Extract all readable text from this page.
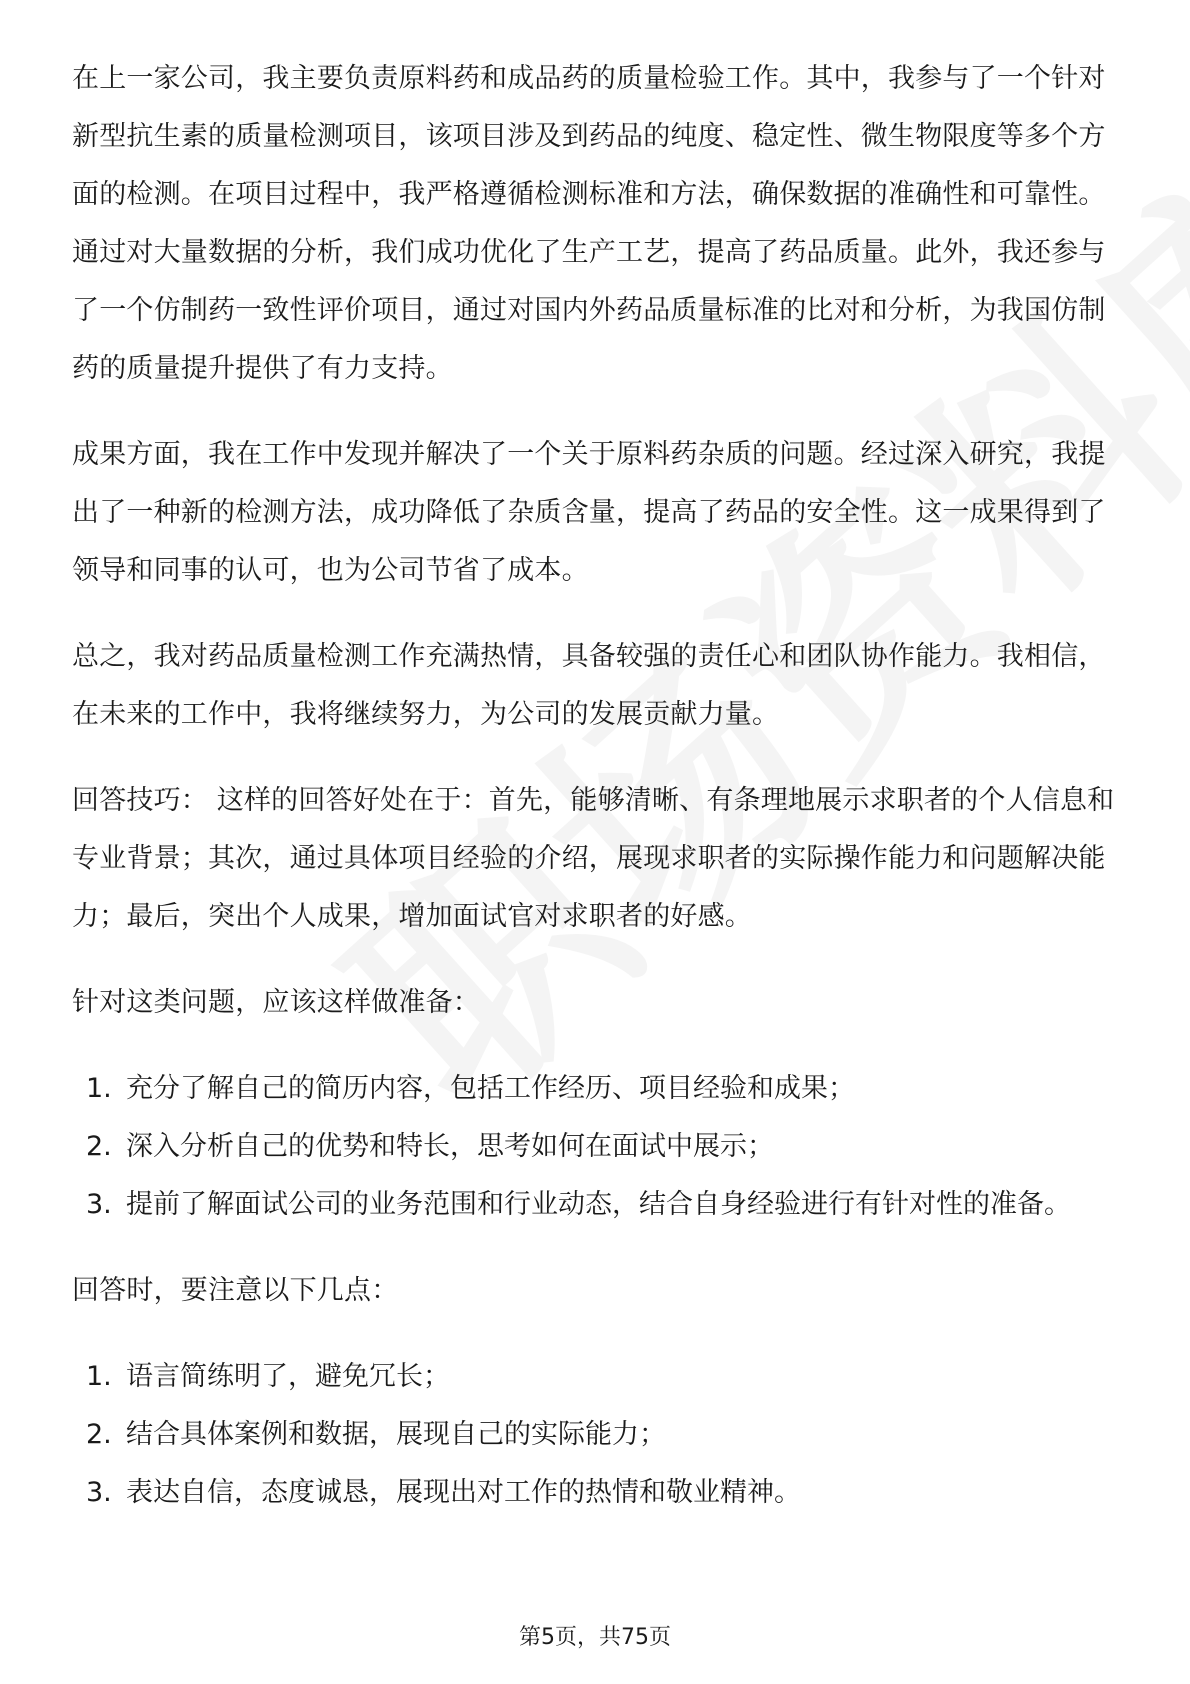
在上一家公司，我主要负责原料药和成品药的质量检验工作。其中，我参与了一个针对新型抗生素的质量检测项目，该项目涉及到药品的纯度、稳定性、微生物限度等多个方面的检测。在项目过程中，我严格遵循检测标准和方法，确保数据的准确性和可靠性。通过对大量数据的分析，我们成功优化了生产工艺，提高了药品质量。此外，我还参与了一个仿制药一致性评价项目，通过对国内外药品质量标准的比对和分析，为我国仿制药的质量提升提供了有力支持。

成果方面，我在工作中发现并解决了一个关于原料药杂质的问题。经过深入研究，我提出了一种新的检测方法，成功降低了杂质含量，提高了药品的安全性。这一成果得到了领导和同事的认可，也为公司节省了成本。

总之，我对药品质量检测工作充满热情，具备较强的责任心和团队协作能力。我相信，在未来的工作中，我将继续努力，为公司的发展贡献力量。

回答技巧： 这样的回答好处在于：首先，能够清晰、有条理地展示求职者的个人信息和专业背景；其次，通过具体项目经验的介绍，展现求职者的实际操作能力和问题解决能力；最后，突出个人成果，增加面试官对求职者的好感。

针对这类问题，应该这样做准备：

1. 充分了解自己的简历内容，包括工作经历、项目经验和成果；
2. 深入分析自己的优势和特长，思考如何在面试中展示；
3. 提前了解面试公司的业务范围和行业动态，结合自身经验进行有针对性的准备。

回答时，要注意以下几点：

1. 语言简练明了，避免冗长；
2. 结合具体案例和数据，展现自己的实际能力；
3. 表达自信，态度诚恳，展现出对工作的热情和敬业精神。
第5页，共75页
